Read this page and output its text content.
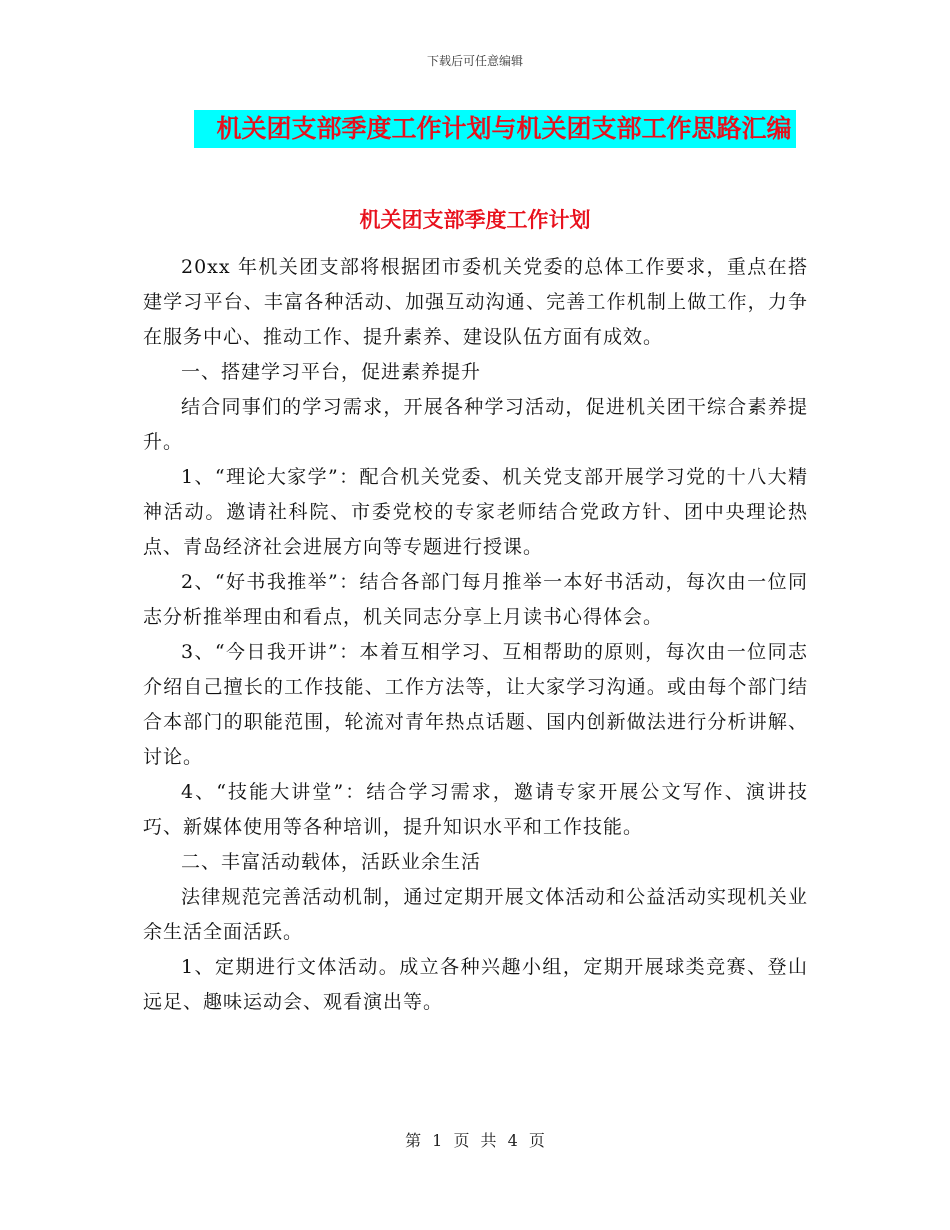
下载后可任意编辑
机关团支部季度工作计划与机关团支部工作思路汇编
机关团支部季度工作计划

20xx 年机关团支部将根据团市委机关党委的总体工作要求，重点在搭建学习平台、丰富各种活动、加强互动沟通、完善工作机制上做工作，力争在服务中心、推动工作、提升素养、建设队伍方面有成效。

一、搭建学习平台，促进素养提升

结合同事们的学习需求，开展各种学习活动，促进机关团干综合素养提升。

1、“理论大家学”：配合机关党委、机关党支部开展学习党的十八大精神活动。邀请社科院、市委党校的专家老师结合党政方针、团中央理论热点、青岛经济社会进展方向等专题进行授课。

2、“好书我推举”：结合各部门每月推举一本好书活动，每次由一位同志分析推举理由和看点，机关同志分享上月读书心得体会。

3、“今日我开讲”：本着互相学习、互相帮助的原则，每次由一位同志介绍自己擅长的工作技能、工作方法等，让大家学习沟通。或由每个部门结合本部门的职能范围，轮流对青年热点话题、国内创新做法进行分析讲解、讨论。

4、“技能大讲堂”：结合学习需求，邀请专家开展公文写作、演讲技巧、新媒体使用等各种培训，提升知识水平和工作技能。

二、丰富活动载体，活跃业余生活

法律规范完善活动机制，通过定期开展文体活动和公益活动实现机关业余生活全面活跃。

1、定期进行文体活动。成立各种兴趣小组，定期开展球类竞赛、登山远足、趣味运动会、观看演出等。

第 1 页 共 4 页
